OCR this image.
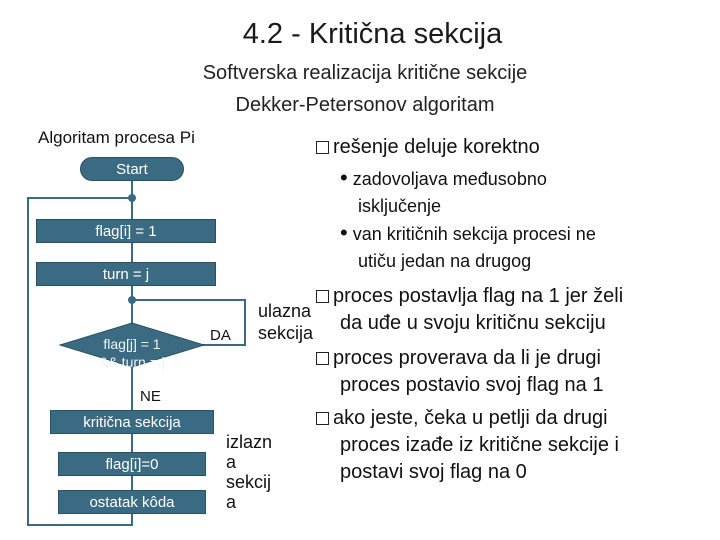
4.2 - Kritična sekcija
Softverska realizacija kritične sekcije
Dekker-Petersonov algoritam
Algoritam procesa Pi
Start
flag[i] = 1
turn = j
flag[j] = 1
&& turn = j
DA
NE
kritična sekcija
flag[i]=0
ostatak kôda
ulazna
sekcija
izlazn
a
sekcij
a
rešenje deluje korektno
• zadovoljava međusobno
isključenje
• van kritičnih sekcija procesi ne
utiču jedan na drugog
proces postavlja flag na 1 jer želi
da uđe u svoju kritičnu sekciju
proces proverava da li je drugi
proces postavio svoj flag na 1
ako jeste, čeka u petlji da drugi
proces izađe iz kritične sekcije i
postavi svoj flag na 0
